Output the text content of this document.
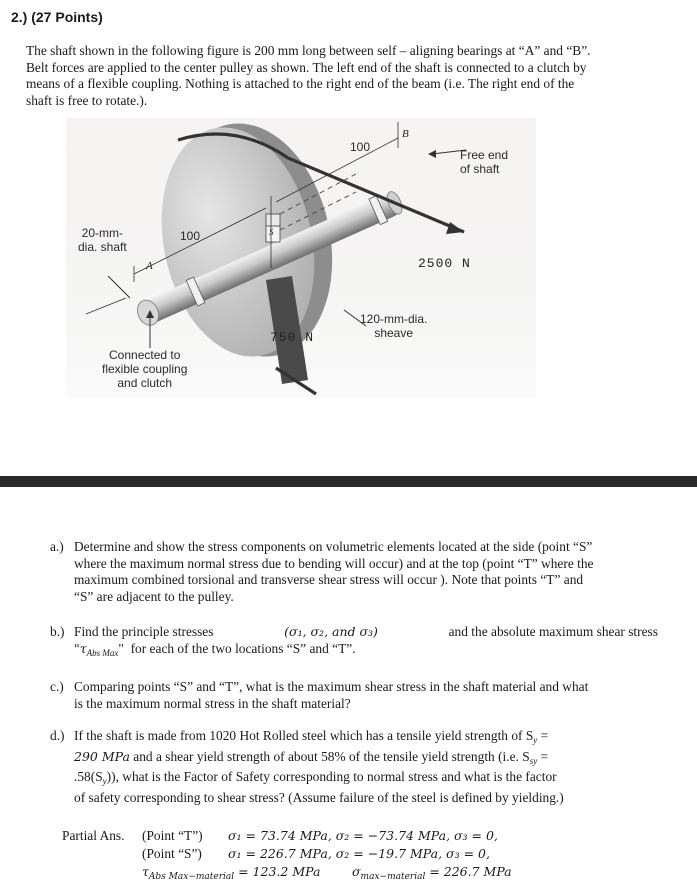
2.) (27 Points)
The shaft shown in the following figure is 200 mm long between self – aligning bearings at “A” and “B”.
Belt forces are applied to the center pulley as shown. The left end of the shaft is connected to a clutch by
means of a flexible coupling. Nothing is attached to the right end of the beam (i.e. The right end of the
shaft is free to rotate.).
20-mm-
dia. shaft
100
100
A
B
S
Free end
of shaft
2500 N
750 N
120-mm-dia.
sheave
Connected to
flexible coupling
and clutch
a.) Determine and show the stress components on volumetric elements located at the side (point “S”
where the maximum normal stress due to bending will occur) and at the top (point “T” where the
maximum combined torsional and transverse shear stress will occur ). Note that points “T” and
“S” are adjacent to the pulley.
b.) Find the principle stresses	(σ₁, σ₂, and σ₃)	and the absolute maximum shear stress
"$\tau_{Abs Max}$" for each of the two locations “S” and “T”.
c.) Comparing points “S” and “T”, what is the maximum shear stress in the shaft material and what
is the maximum normal stress in the shaft material?
d.) If the shaft is made from 1020 Hot Rolled steel which has a tensile yield strength of $S_y$ =
290 MPa and a shear yield strength of about 58% of the tensile yield strength (i.e. $S_{sy}$ =
$.58(S_y)$), what is the Factor of Safety corresponding to normal stress and what is the factor
of safety corresponding to shear stress? (Assume failure of the steel is defined by yielding.)
Partial Ans. (Point “T”) σ₁ = 73.74 MPa, σ₂ = −73.74 MPa, σ₃ = 0,
(Point “S”) σ₁ = 226.7 MPa, σ₂ = −19.7 MPa, σ₃ = 0,
$\tau_{Abs Max-material} = 123.2$ MPa	$\sigma_{max-material} = 226.7$ MPa
